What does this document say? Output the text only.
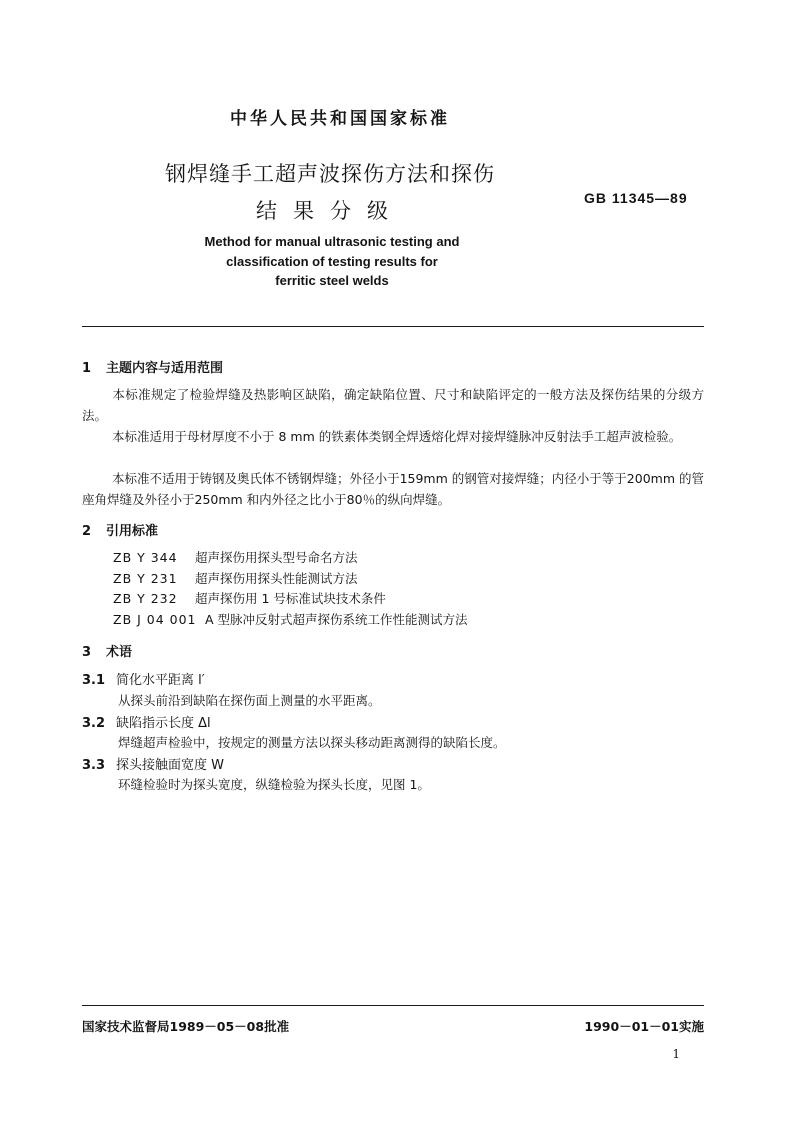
中华人民共和国国家标准
钢焊缝手工超声波探伤方法和探伤
结果分级
GB 11345—89
Method for manual ultrasonic testing and
classification of testing results for
ferritic steel welds
1 主题内容与适用范围
本标准规定了检验焊缝及热影响区缺陷，确定缺陷位置、尺寸和缺陷评定的一般方法及探伤结果的分级方法。
本标准适用于母材厚度不小于 8 mm 的铁素体类钢全焊透熔化焊对接焊缝脉冲反射法手工超声波检验。
本标准不适用于铸钢及奥氏体不锈钢焊缝；外径小于159mm 的钢管对接焊缝；内径小于等于200mm 的管座角焊缝及外径小于250mm 和内外径之比小于80％的纵向焊缝。
2 引用标准
ZB Y 344 超声探伤用探头型号命名方法
ZB Y 231 超声探伤用探头性能测试方法
ZB Y 232 超声探伤用 1 号标准试块技术条件
ZB J 04 001 A 型脉冲反射式超声探伤系统工作性能测试方法
3 术语
3.1 简化水平距离 l′
从探头前沿到缺陷在探伤面上测量的水平距离。
3.2 缺陷指示长度 Δl
焊缝超声检验中，按规定的测量方法以探头移动距离测得的缺陷长度。
3.3 探头接触面宽度 W
环缝检验时为探头宽度，纵缝检验为探头长度，见图 1。
国家技术监督局1989－05－08批准	1990－01－01实施
1
